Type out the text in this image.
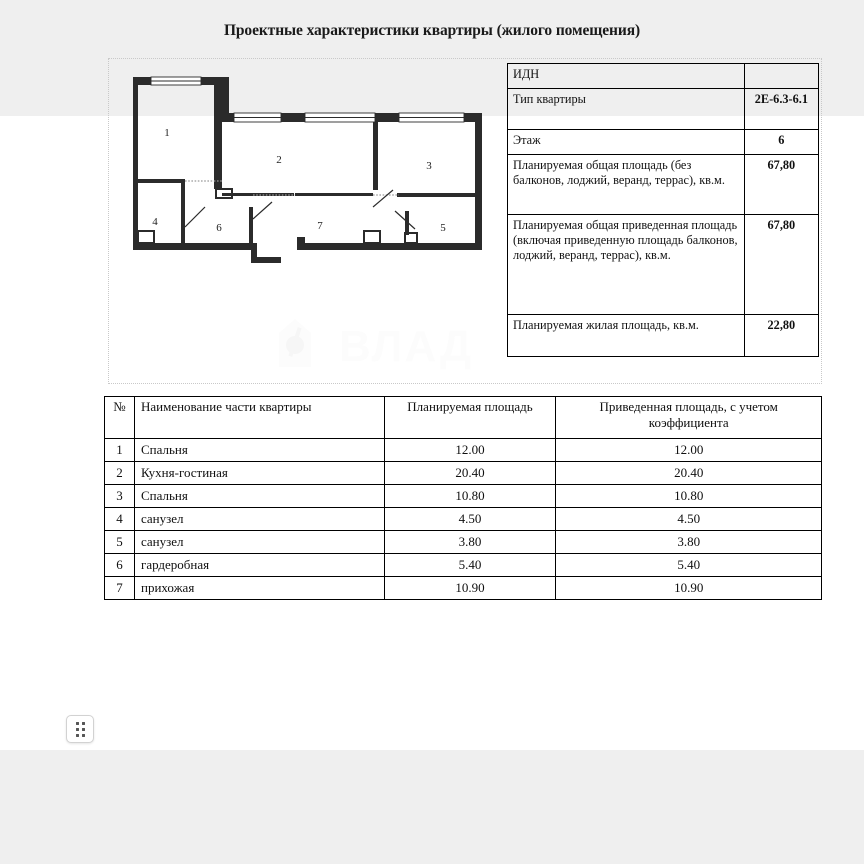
Проектные характеристики квартиры (жилого помещения)
1
2	3
4	5
6	7
ВЛАД
ИДН	
Тип квартиры	2Е-6.3-6.1
Этаж	6
Планируемая общая площадь (без балконов, лоджий, веранд, террас), кв.м.	67,80
Планируемая общая приведенная площадь (включая приведенную площадь балконов, лоджий, веранд, террас), кв.м.	67,80
Планируемая жилая площадь, кв.м.	22,80
№	Наименование части квартиры	Планируемая площадь	Приведенная площадь, с учетом коэффициента
1	Спальня	12.00	12.00
2	Кухня-гостиная	20.40	20.40
3	Спальня	10.80	10.80
4	санузел	4.50	4.50
5	санузел	3.80	3.80
6	гардеробная	5.40	5.40
7	прихожая	10.90	10.90
